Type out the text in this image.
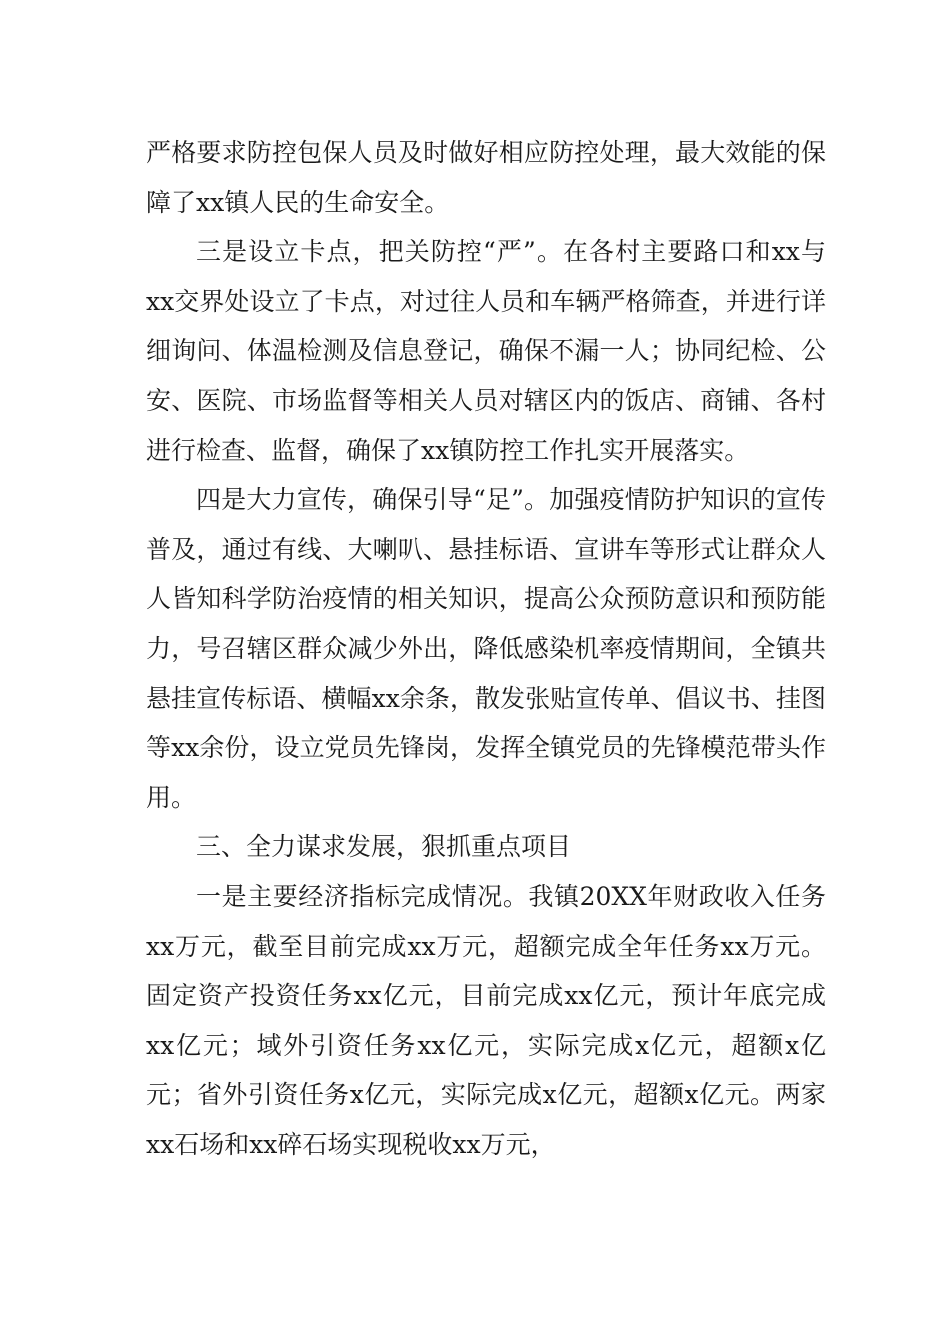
严格要求防控包保人员及时做好相应防控处理，最大效能的保障了xx镇人民的生命安全。

三是设立卡点，把关防控“严”。在各村主要路口和xx与xx交界处设立了卡点，对过往人员和车辆严格筛查，并进行详细询问、体温检测及信息登记，确保不漏一人；协同纪检、公安、医院、市场监督等相关人员对辖区内的饭店、商铺、各村进行检查、监督，确保了xx镇防控工作扎实开展落实。

四是大力宣传，确保引导“足”。加强疫情防护知识的宣传普及，通过有线、大喇叭、悬挂标语、宣讲车等形式让群众人人皆知科学防治疫情的相关知识，提高公众预防意识和预防能力，号召辖区群众减少外出，降低感染机率疫情期间，全镇共悬挂宣传标语、横幅xx余条，散发张贴宣传单、倡议书、挂图等xx余份，设立党员先锋岗，发挥全镇党员的先锋模范带头作用。

三、全力谋求发展，狠抓重点项目

一是主要经济指标完成情况。我镇20XX年财政收入任务xx万元，截至目前完成xx万元，超额完成全年任务xx万元。固定资产投资任务xx亿元，目前完成xx亿元，预计年底完成xx亿元；域外引资任务xx亿元，实际完成x亿元，超额x亿元；省外引资任务x亿元，实际完成x亿元，超额x亿元。两家xx石场和xx碎石场实现税收xx万元，
